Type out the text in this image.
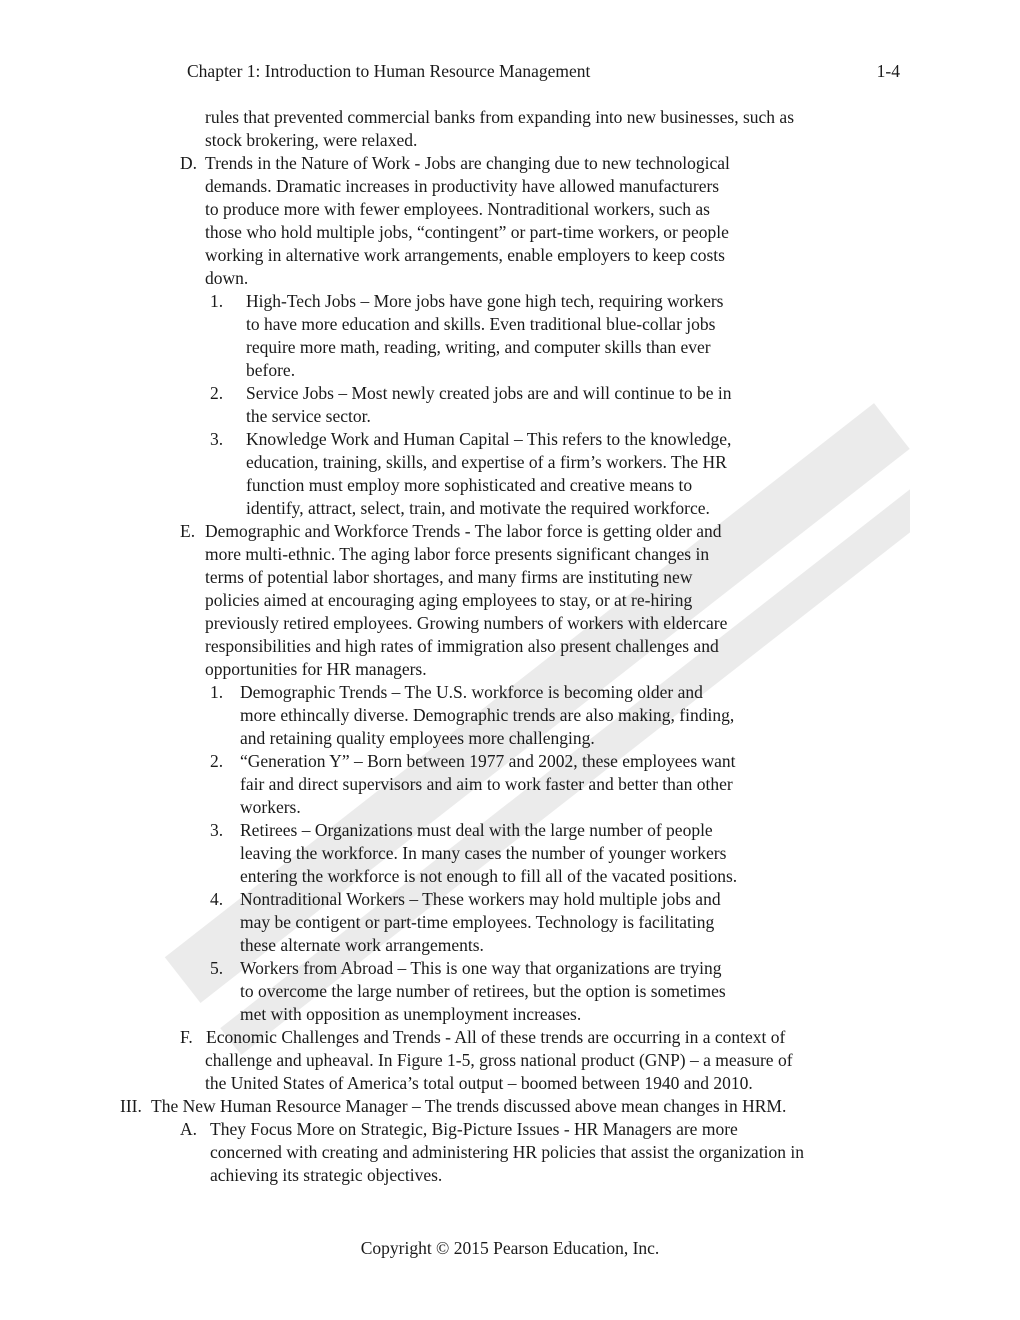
Chapter 1: Introduction to Human Resource Management	1-4
rules that prevented commercial banks from expanding into new businesses, such as
stock brokering, were relaxed.
D. Trends in the Nature of Work - Jobs are changing due to new technological
demands. Dramatic increases in productivity have allowed manufacturers
to produce more with fewer employees. Nontraditional workers, such as
those who hold multiple jobs, “contingent” or part-time workers, or people
working in alternative work arrangements, enable employers to keep costs
down.
1. High-Tech Jobs – More jobs have gone high tech, requiring workers
to have more education and skills. Even traditional blue-collar jobs
require more math, reading, writing, and computer skills than ever
before.
2. Service Jobs – Most newly created jobs are and will continue to be in
the service sector.
3. Knowledge Work and Human Capital – This refers to the knowledge,
education, training, skills, and expertise of a firm’s workers. The HR
function must employ more sophisticated and creative means to
identify, attract, select, train, and motivate the required workforce.
E. Demographic and Workforce Trends - The labor force is getting older and
more multi-ethnic. The aging labor force presents significant changes in
terms of potential labor shortages, and many firms are instituting new
policies aimed at encouraging aging employees to stay, or at re-hiring
previously retired employees. Growing numbers of workers with eldercare
responsibilities and high rates of immigration also present challenges and
opportunities for HR managers.
1. Demographic Trends – The U.S. workforce is becoming older and
more ethincally diverse. Demographic trends are also making, finding,
and retaining quality employees more challenging.
2. “Generation Y” – Born between 1977 and 2002, these employees want
fair and direct supervisors and aim to work faster and better than other
workers.
3. Retirees – Organizations must deal with the large number of people
leaving the workforce. In many cases the number of younger workers
entering the workforce is not enough to fill all of the vacated positions.
4. Nontraditional Workers – These workers may hold multiple jobs and
may be contigent or part-time employees. Technology is facilitating
these alternate work arrangements.
5. Workers from Abroad – This is one way that organizations are trying
to overcome the large number of retirees, but the option is sometimes
met with opposition as unemployment increases.
F. Economic Challenges and Trends - All of these trends are occurring in a context of
challenge and upheaval. In Figure 1-5, gross national product (GNP) – a measure of
the United States of America’s total output – boomed between 1940 and 2010.
III. The New Human Resource Manager – The trends discussed above mean changes in HRM.
A. They Focus More on Strategic, Big-Picture Issues - HR Managers are more
concerned with creating and administering HR policies that assist the organization in
achieving its strategic objectives.
Copyright © 2015 Pearson Education, Inc.
